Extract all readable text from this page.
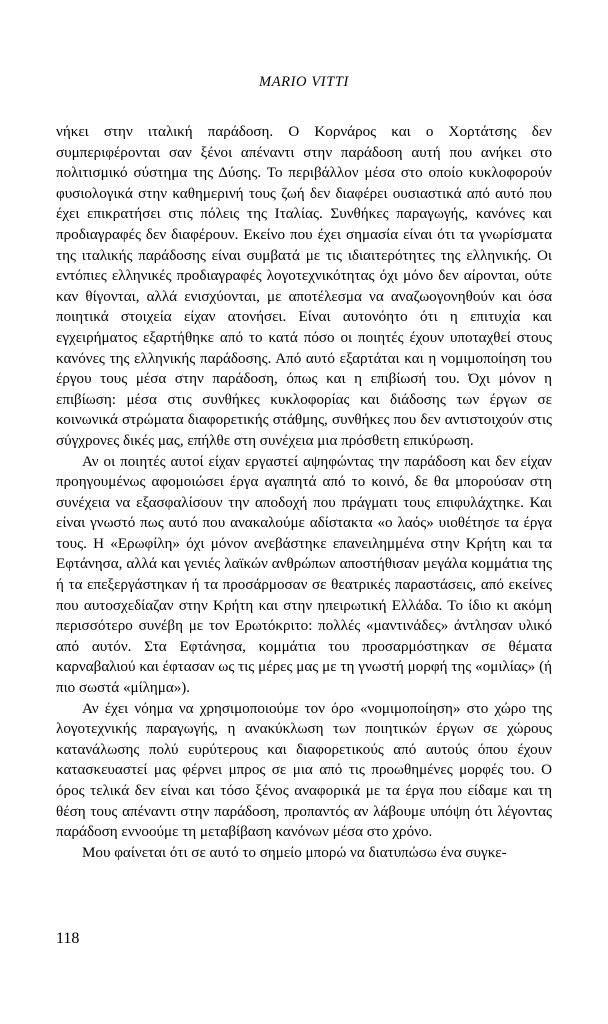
MARIO VITTI

νήκει στην ιταλική παράδοση. Ο Κορνάρος και ο Χορτάτσης δεν συμπεριφέρονται σαν ξένοι απέναντι στην παράδοση αυτή που ανήκει στο πολιτισμικό σύστημα της Δύσης. Το περιβάλλον μέσα στο οποίο κυκλοφορούν φυσιολογικά στην καθημερινή τους ζωή δεν διαφέρει ουσιαστικά από αυτό που έχει επικρατήσει στις πόλεις της Ιταλίας. Συνθήκες παραγωγής, κανόνες και προδιαγραφές δεν διαφέρουν. Εκείνο που έχει σημασία είναι ότι τα γνωρίσματα της ιταλικής παράδοσης είναι συμβατά με τις ιδιαιτερότητες της ελληνικής. Οι εντόπιες ελληνικές προδιαγραφές λογοτεχνικότητας όχι μόνο δεν αίρονται, ούτε καν θίγονται, αλλά ενισχύονται, με αποτέλεσμα να αναζωογονηθούν και όσα ποιητικά στοιχεία είχαν ατονήσει. Είναι αυτονόητο ότι η επιτυχία και εγχειρήματος εξαρτήθηκε από το κατά πόσο οι ποιητές έχουν υποταχθεί στους κανόνες της ελληνικής παράδοσης. Από αυτό εξαρτάται και η νομιμοποίηση του έργου τους μέσα στην παράδοση, όπως και η επιβίωσή του. Όχι μόνον η επιβίωση: μέσα στις συνθήκες κυκλοφορίας και διάδοσης των έργων σε κοινωνικά στρώματα διαφορετικής στάθμης, συνθήκες που δεν αντιστοιχούν στις σύγχρονες δικές μας, επήλθε στη συνέχεια μια πρόσθετη επικύρωση.

Αν οι ποιητές αυτοί είχαν εργαστεί αψηφώντας την παράδοση και δεν είχαν προηγουμένως αφομοιώσει έργα αγαπητά από το κοινό, δε θα μπορούσαν στη συνέχεια να εξασφαλίσουν την αποδοχή που πράγματι τους επιφυλάχτηκε. Και είναι γνωστό πως αυτό που ανακαλούμε αδίστακτα «ο λαός» υιοθέτησε τα έργα τους. Η «Ερωφίλη» όχι μόνον ανεβάστηκε επανειλημμένα στην Κρήτη και τα Εφτάνησα, αλλά και γενιές λαϊκών ανθρώπων αποστήθισαν μεγάλα κομμάτια της ή τα επεξεργάστηκαν ή τα προσάρμοσαν σε θεατρικές παραστάσεις, από εκείνες που αυτοσχεδίαζαν στην Κρήτη και στην ηπειρωτική Ελλάδα. Το ίδιο κι ακόμη περισσότερο συνέβη με τον Ερωτόκριτο: πολλές «μαντινάδες» άντλησαν υλικό από αυτόν. Στα Εφτάνησα, κομμάτια του προσαρμόστηκαν σε θέματα καρναβαλιού και έφτασαν ως τις μέρες μας με τη γνωστή μορφή της «ομιλίας» (ή πιο σωστά «μίλημα»).

Αν έχει νόημα να χρησιμοποιούμε τον όρο «νομιμοποίηση» στο χώρο της λογοτεχνικής παραγωγής, η ανακύκλωση των ποιητικών έργων σε χώρους κατανάλωσης πολύ ευρύτερους και διαφορετικούς από αυτούς όπου έχουν κατασκευαστεί μας φέρνει μπρος σε μια από τις προωθημένες μορφές του. Ο όρος τελικά δεν είναι και τόσο ξένος αναφορικά με τα έργα που είδαμε και τη θέση τους απέναντι στην παράδοση, προπαντός αν λάβουμε υπόψη ότι λέγοντας παράδοση εννοούμε τη μεταβίβαση κανόνων μέσα στο χρόνο.

Μου φαίνεται ότι σε αυτό το σημείο μπορώ να διατυπώσω ένα συγκε-

118
